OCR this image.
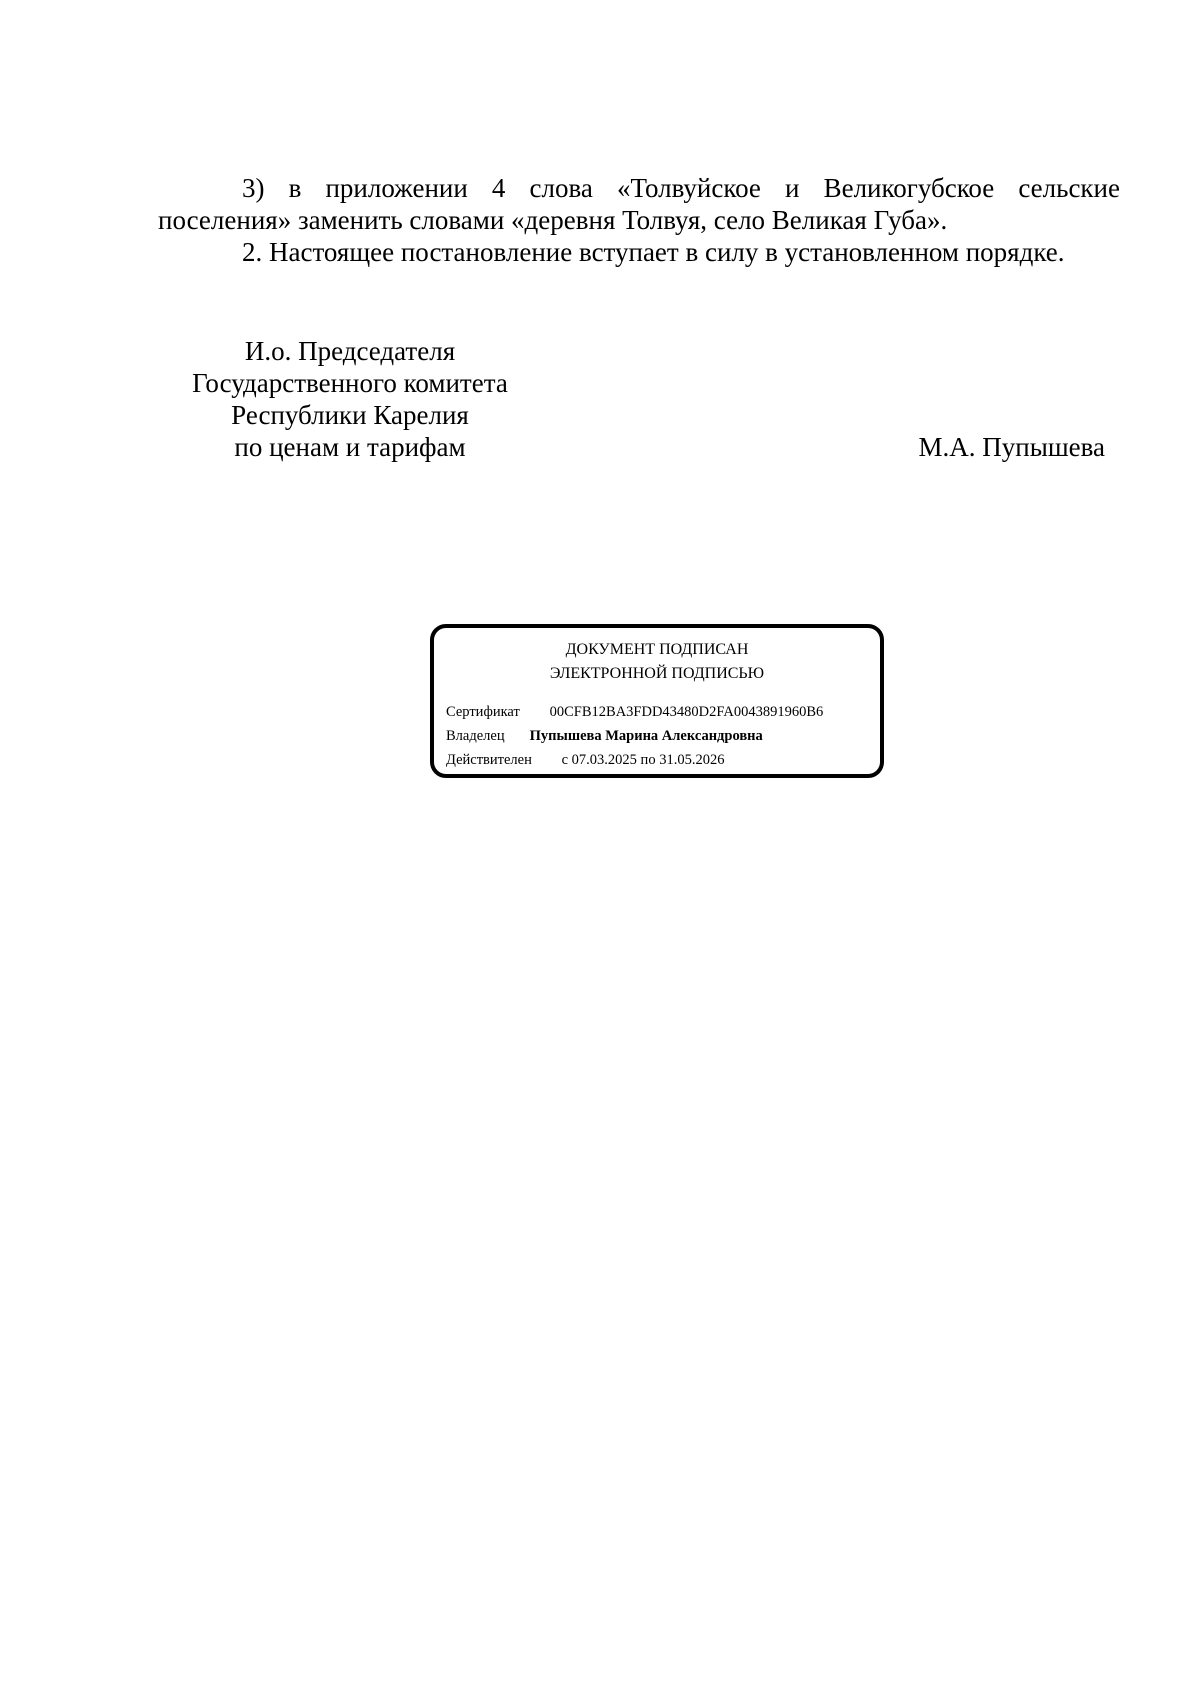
3) в приложении 4 слова «Толвуйское и Великогубское сельские поселения» заменить словами «деревня Толвуя, село Великая Губа».

2. Настоящее постановление вступает в силу в установленном порядке.

И.о. Председателя
Государственного комитета
Республики Карелия
по ценам и тарифам	М.А. Пупышева
ДОКУМЕНТ ПОДПИСАН
ЭЛЕКТРОННОЙ ПОДПИСЬЮ
Сертификат 00CFB12BA3FDD43480D2FA0043891960B6
Владелец Пупышева Марина Александровна
Действителен с 07.03.2025 по 31.05.2026
